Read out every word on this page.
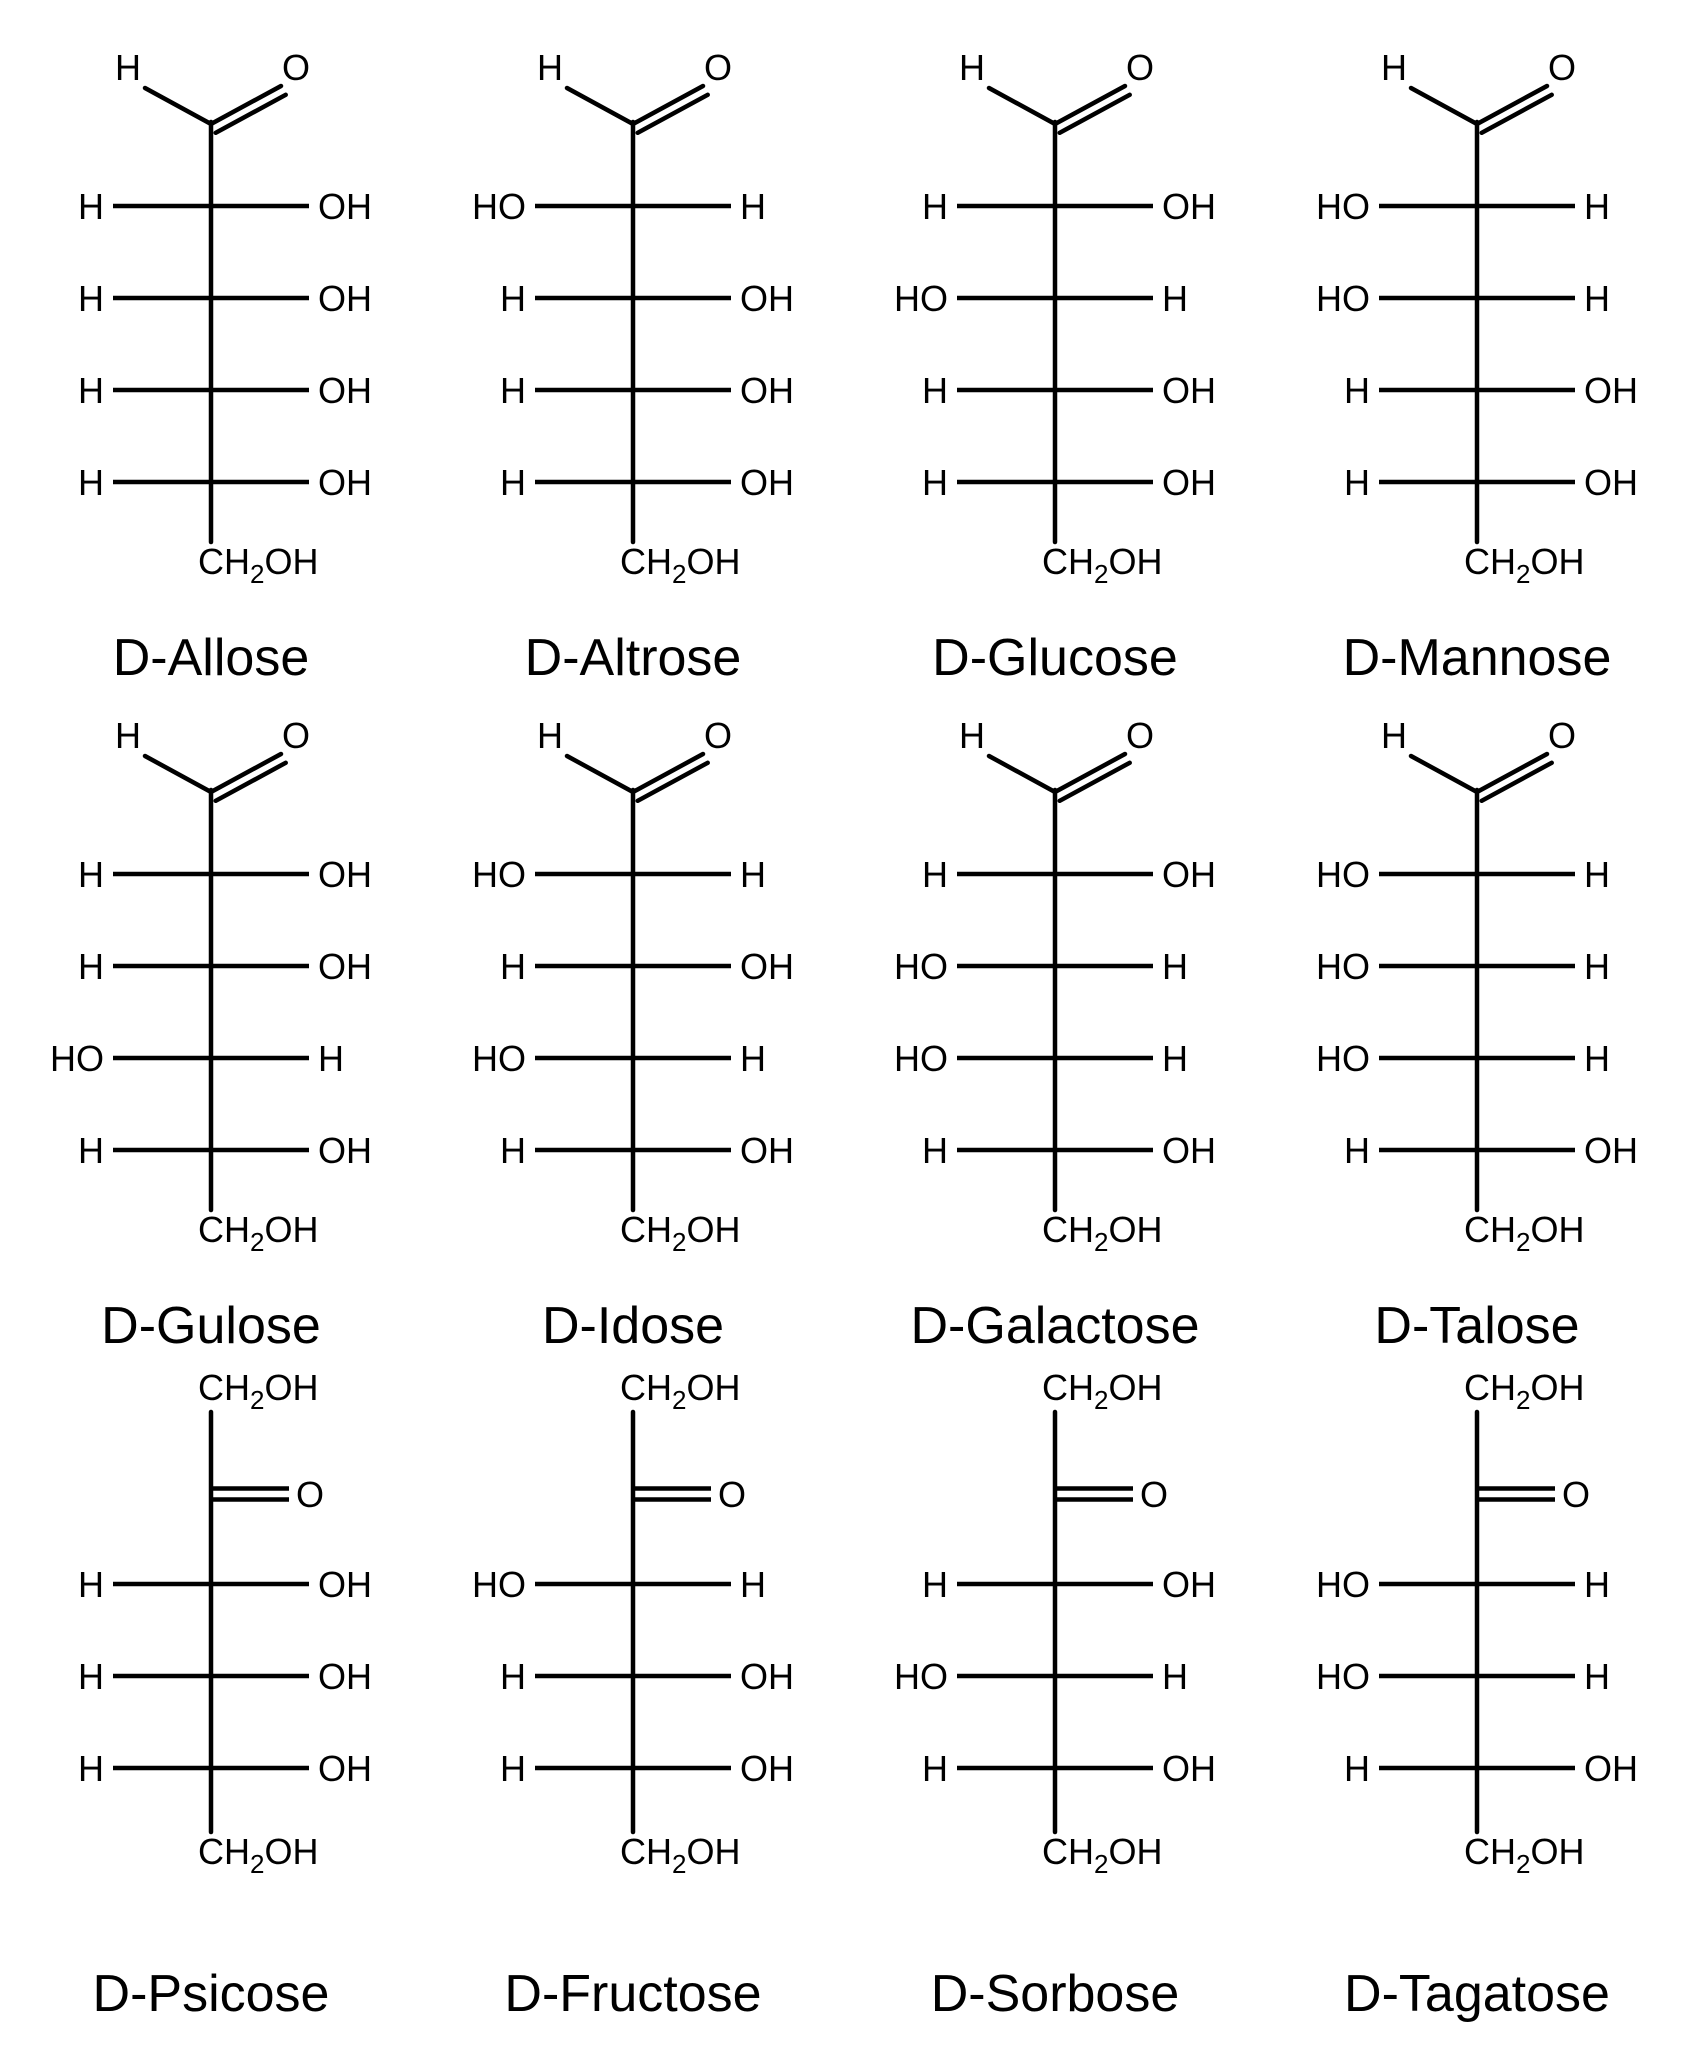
H	O
$CH_2OH$
H	OH
H	OH
H	OH
H	OH
D-Allose
H	O
$CH_2OH$
HO	H
H	OH
H	OH
H	OH
D-Altrose
H	O
$CH_2OH$
H	OH
HO	H
H	OH
H	OH
D-Glucose
H	O
$CH_2OH$
HO	H
HO	H
H	OH
H	OH
D-Mannose
H	O
$CH_2OH$
H	OH
H	OH
HO	H
H	OH
D-Gulose
H	O
$CH_2OH$
HO	H
H	OH
HO	H
H	OH
D-Idose
H	O
$CH_2OH$
H	OH
HO	H
HO	H
H	OH
D-Galactose
H	O
$CH_2OH$
HO	H
HO	H
HO	H
H	OH
D-Talose
$CH_2OH$
O
$CH_2OH$
H	OH
H	OH
H	OH
D-Psicose
$CH_2OH$
O
$CH_2OH$
HO	H
H	OH
H	OH
D-Fructose
$CH_2OH$
O
$CH_2OH$
H	OH
HO	H
H	OH
D-Sorbose
$CH_2OH$
O
$CH_2OH$
HO	H
HO	H
H	OH
D-Tagatose
